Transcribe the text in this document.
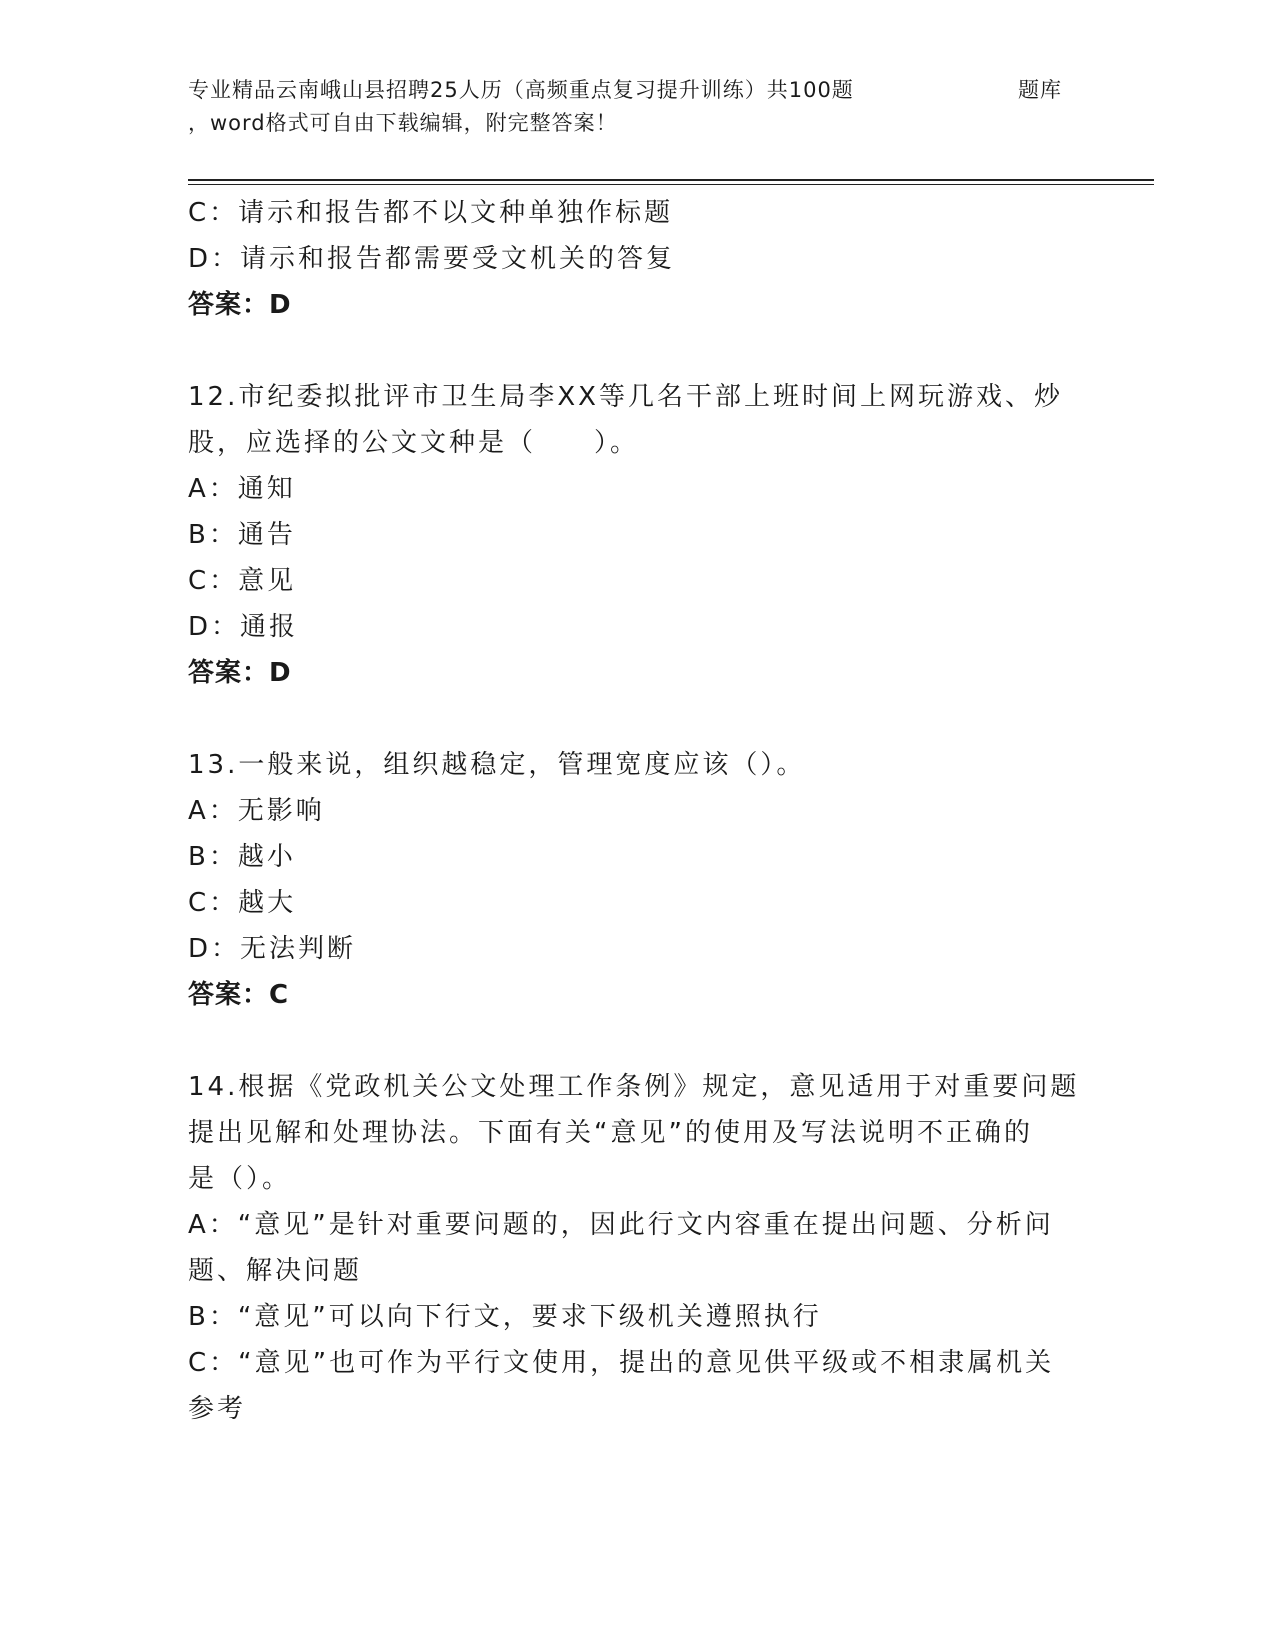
专业精品云南峨山县招聘25人历（高频重点复习提升训练）共100题	题库
，word格式可自由下载编辑，附完整答案！

C：请示和报告都不以文种单独作标题

D：请示和报告都需要受文机关的答复

答案：D

12.市纪委拟批评市卫生局李XX等几名干部上班时间上网玩游戏、炒

股，应选择的公文文种是（　　）。

A：通知

B：通告

C：意见

D：通报

答案：D

13.一般来说，组织越稳定，管理宽度应该（）。

A：无影响

B：越小

C：越大

D：无法判断

答案：C

14.根据《党政机关公文处理工作条例》规定，意见适用于对重要问题

提出见解和处理协法。下面有关“意见”的使用及写法说明不正确的

是（）。

A：“意见”是针对重要问题的，因此行文内容重在提出问题、分析问

题、解决问题

B：“意见”可以向下行文，要求下级机关遵照执行

C：“意见”也可作为平行文使用，提出的意见供平级或不相隶属机关

参考
